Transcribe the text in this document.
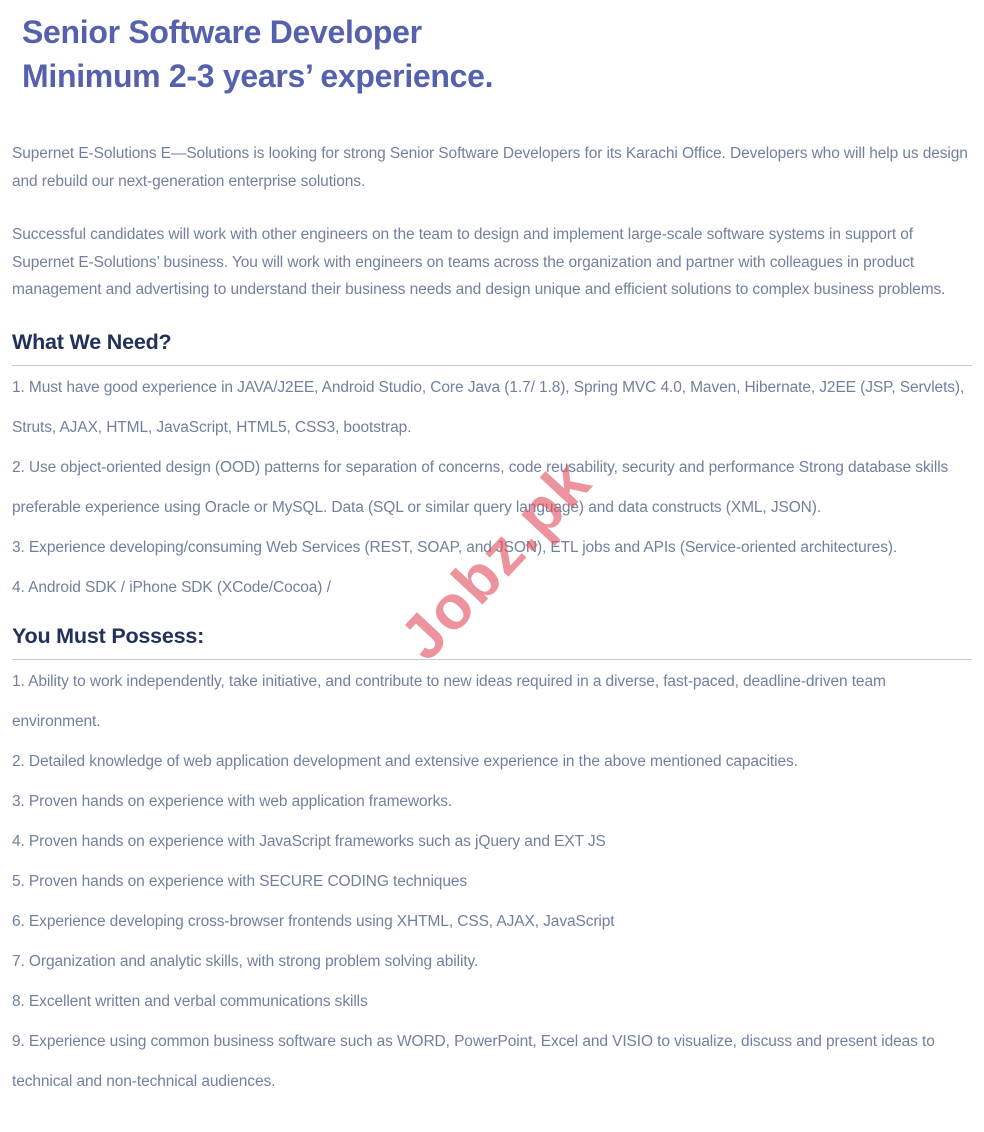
Senior Software Developer
Minimum 2-3 years’ experience.

Supernet E-Solutions E—Solutions is looking for strong Senior Software Developers for its Karachi Office. Developers who will help us design and rebuild our next-generation enterprise solutions.

Successful candidates will work with other engineers on the team to design and implement large-scale software systems in support of Supernet E-Solutions’ business. You will work with engineers on teams across the organization and partner with colleagues in product management and advertising to understand their business needs and design unique and efficient solutions to complex business problems.

What We Need?

1. Must have good experience in JAVA/J2EE, Android Studio, Core Java (1.7/ 1.8), Spring MVC 4.0, Maven, Hibernate, J2EE (JSP, Servlets), Struts, AJAX, HTML, JavaScript, HTML5, CSS3, bootstrap.

2. Use object-oriented design (OOD) patterns for separation of concerns, code reusability, security and performance Strong database skills preferable experience using Oracle or MySQL. Data (SQL or similar query language) and data constructs (XML, JSON).

3. Experience developing/consuming Web Services (REST, SOAP, and JSON), ETL jobs and APIs (Service-oriented architectures).

4. Android SDK / iPhone SDK (XCode/Cocoa) /

You Must Possess:

1. Ability to work independently, take initiative, and contribute to new ideas required in a diverse, fast-paced, deadline-driven team environment.

2. Detailed knowledge of web application development and extensive experience in the above mentioned capacities.

3. Proven hands on experience with web application frameworks.

4. Proven hands on experience with JavaScript frameworks such as jQuery and EXT JS

5. Proven hands on experience with SECURE CODING techniques

6. Experience developing cross-browser frontends using XHTML, CSS, AJAX, JavaScript

7. Organization and analytic skills, with strong problem solving ability.

8. Excellent written and verbal communications skills

9. Experience using common business software such as WORD, PowerPoint, Excel and VISIO to visualize, discuss and present ideas to technical and non-technical audiences.

Jobz.pk
